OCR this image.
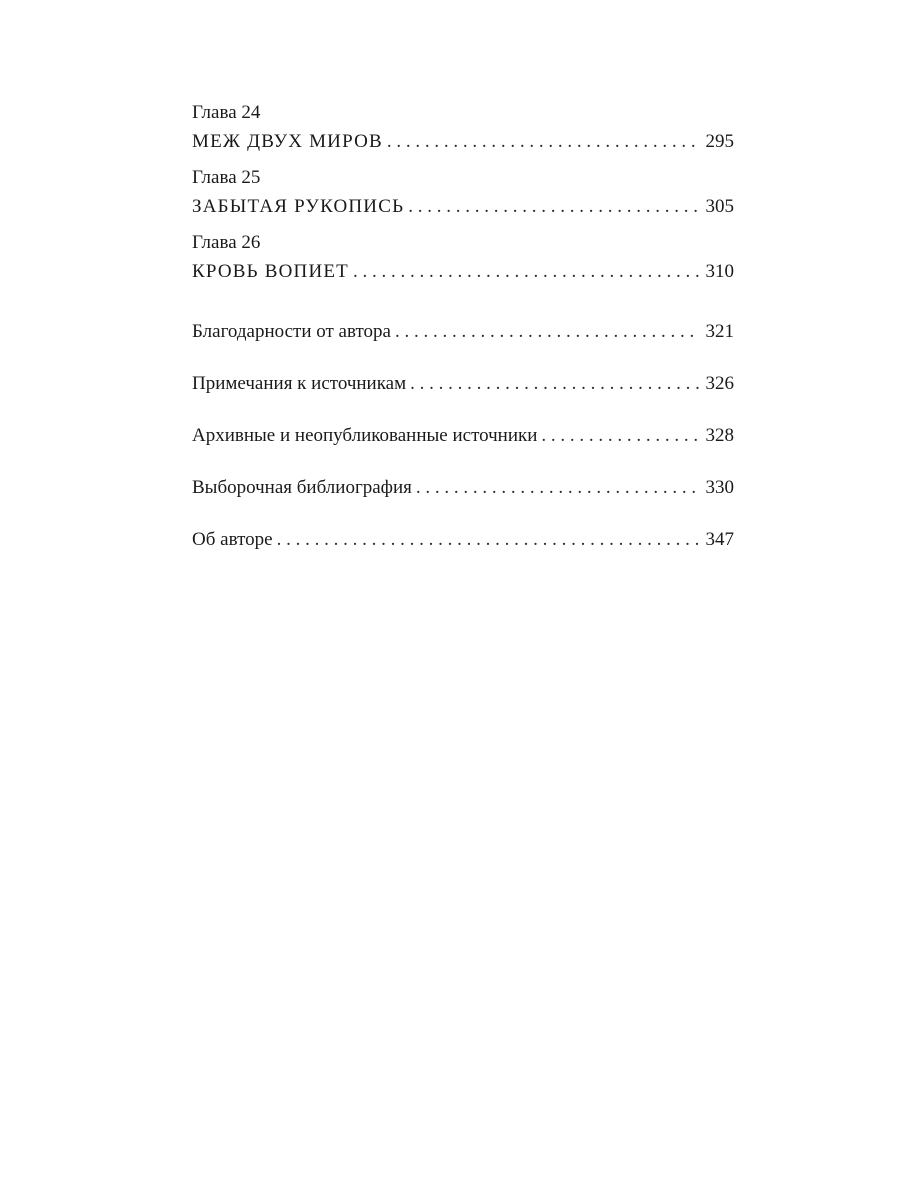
Глава 24
МЕЖ ДВУХ МИРОВ . . .	295
Глава 25
ЗАБЫТАЯ РУКОПИСЬ . . .	305
Глава 26
КРОВЬ ВОПИЕТ . . .	310
Благодарности от автора . . .	321
Примечания к источникам . . .	326
Архивные и неопубликованные источники . . .	328
Выборочная библиография . . .	330
Об авторе . . .	347
